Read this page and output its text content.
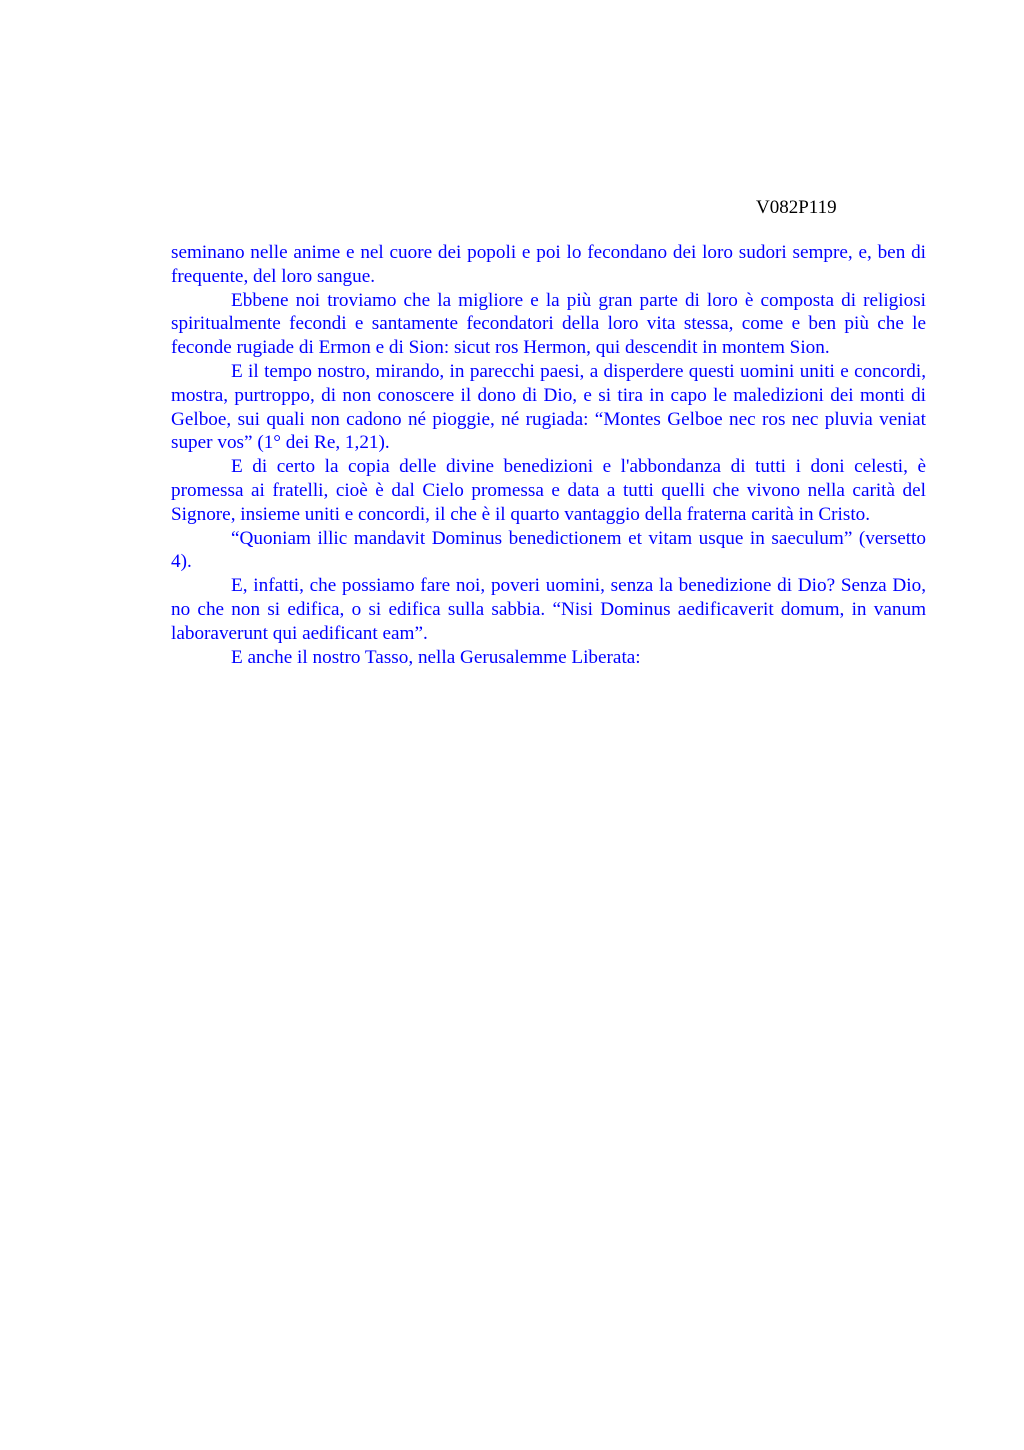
V082P119

seminano nelle anime e nel cuore dei popoli e poi lo fecondano dei loro sudori sempre, e, ben di frequente, del loro sangue.

Ebbene noi troviamo che la migliore e la più gran parte di loro è composta di religiosi spiritualmente fecondi e santamente fecondatori della loro vita stessa, come e ben più che le feconde rugiade di Ermon e di Sion: sicut ros Hermon, qui descendit in montem Sion.

E il tempo nostro, mirando, in parecchi paesi, a disperdere questi uomini uniti e concordi, mostra, purtroppo, di non conoscere il dono di Dio, e si tira in capo le maledizioni dei monti di Gelboe, sui quali non cadono né pioggie, né rugiada: “Montes Gelboe nec ros nec pluvia veniat super vos” (1° dei Re, 1,21).

E di certo la copia delle divine benedizioni e l'abbondanza di tutti i doni celesti, è promessa ai fratelli, cioè è dal Cielo promessa e data a tutti quelli che vivono nella carità del Signore, insieme uniti e concordi, il che è il quarto vantaggio della fraterna carità in Cristo.

“Quoniam illic mandavit Dominus benedictionem et vitam usque in saeculum” (versetto 4).

E, infatti, che possiamo fare noi, poveri uomini, senza la benedizione di Dio? Senza Dio, no che non si edifica, o si edifica sulla sabbia. “Nisi Dominus aedificaverit domum, in vanum laboraverunt qui aedificant eam”.

E anche il nostro Tasso, nella Gerusalemme Liberata:
